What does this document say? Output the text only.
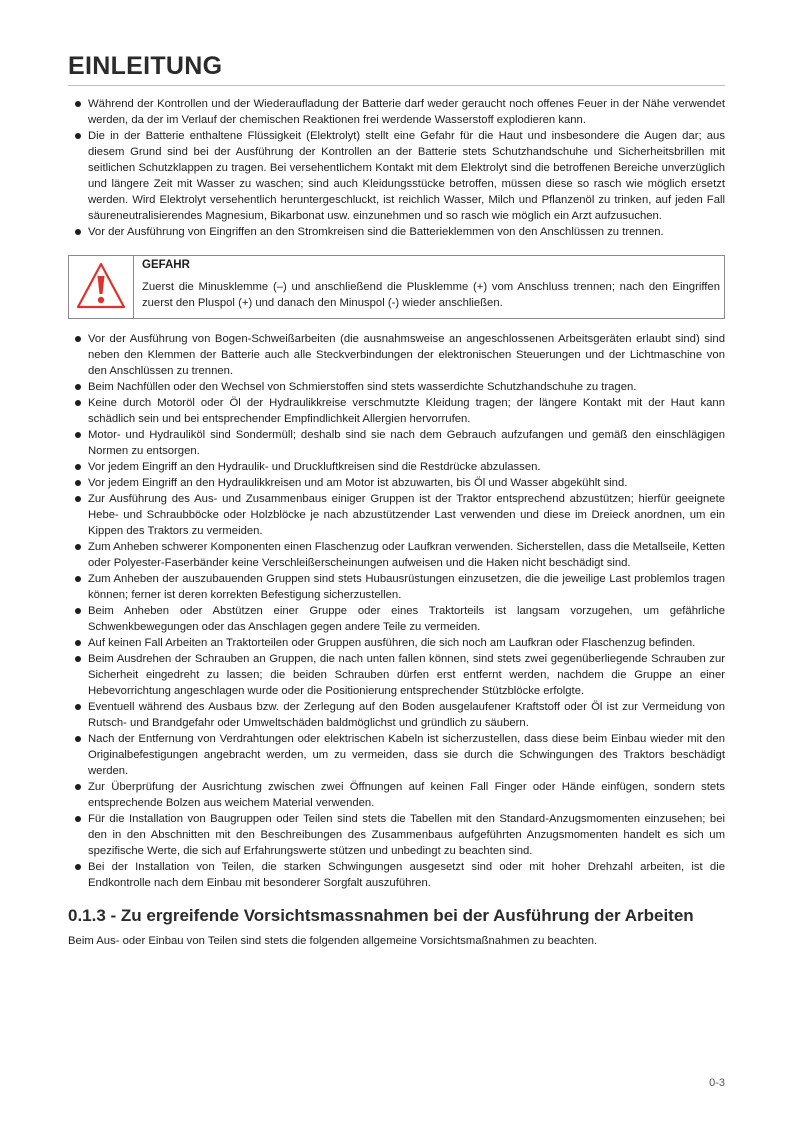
EINLEITUNG
Während der Kontrollen und der Wiederaufladung der Batterie darf weder geraucht noch offenes Feuer in der Nähe verwendet werden, da der im Verlauf der chemischen Reaktionen frei werdende Wasserstoff explodieren kann.
Die in der Batterie enthaltene Flüssigkeit (Elektrolyt) stellt eine Gefahr für die Haut und insbesondere die Augen dar; aus diesem Grund sind bei der Ausführung der Kontrollen an der Batterie stets Schutzhandschuhe und Sicherheitsbrillen mit seitlichen Schutzklappen zu tragen. Bei versehentlichem Kontakt mit dem Elektrolyt sind die betroffenen Bereiche unverzüglich und längere Zeit mit Wasser zu waschen; sind auch Kleidungsstücke betroffen, müssen diese so rasch wie möglich ersetzt werden. Wird Elektrolyt versehentlich heruntergeschluckt, ist reichlich Wasser, Milch und Pflanzenöl zu trinken, auf jeden Fall säureneutralisierendes Magnesium, Bikarbonat usw. einzunehmen und so rasch wie möglich ein Arzt aufzusuchen.
Vor der Ausführung von Eingriffen an den Stromkreisen sind die Batterieklemmen von den Anschlüssen zu trennen.
GEFAHR
Zuerst die Minusklemme (–) und anschließend die Plusklemme (+) vom Anschluss trennen; nach den Eingriffen zuerst den Pluspol (+) und danach den Minuspol (-) wieder anschließen.
Vor der Ausführung von Bogen-Schweißarbeiten (die ausnahmsweise an angeschlossenen Arbeitsgeräten erlaubt sind) sind neben den Klemmen der Batterie auch alle Steckverbindungen der elektronischen Steuerungen und der Lichtmaschine von den Anschlüssen zu trennen.
Beim Nachfüllen oder den Wechsel von Schmierstoffen sind stets wasserdichte Schutzhandschuhe zu tragen.
Keine durch Motoröl oder Öl der Hydraulikkreise verschmutzte Kleidung tragen; der längere Kontakt mit der Haut kann schädlich sein und bei entsprechender Empfindlichkeit Allergien hervorrufen.
Motor- und Hydrauliköl sind Sondermüll; deshalb sind sie nach dem Gebrauch aufzufangen und gemäß den einschlägigen Normen zu entsorgen.
Vor jedem Eingriff an den Hydraulik- und Druckluftkreisen sind die Restdrücke abzulassen.
Vor jedem Eingriff an den Hydraulikkreisen und am Motor ist abzuwarten, bis Öl und Wasser abgekühlt sind.
Zur Ausführung des Aus- und Zusammenbaus einiger Gruppen ist der Traktor entsprechend abzustützen; hierfür geeignete Hebe- und Schraubböcke oder Holzblöcke je nach abzustützender Last verwenden und diese im Dreieck anordnen, um ein Kippen des Traktors zu vermeiden.
Zum Anheben schwerer Komponenten einen Flaschenzug oder Laufkran verwenden. Sicherstellen, dass die Metallseile, Ketten oder Polyester-Faserbänder keine Verschleißerscheinungen aufweisen und die Haken nicht beschädigt sind.
Zum Anheben der auszubauenden Gruppen sind stets Hubausrüstungen einzusetzen, die die jeweilige Last problemlos tragen können; ferner ist deren korrekten Befestigung sicherzustellen.
Beim Anheben oder Abstützen einer Gruppe oder eines Traktorteils ist langsam vorzugehen, um gefährliche Schwenkbewegungen oder das Anschlagen gegen andere Teile zu vermeiden.
Auf keinen Fall Arbeiten an Traktorteilen oder Gruppen ausführen, die sich noch am Laufkran oder Flaschenzug befinden.
Beim Ausdrehen der Schrauben an Gruppen, die nach unten fallen können, sind stets zwei gegenüberliegende Schrauben zur Sicherheit eingedreht zu lassen; die beiden Schrauben dürfen erst entfernt werden, nachdem die Gruppe an einer Hebevorrichtung angeschlagen wurde oder die Positionierung entsprechender Stützblöcke erfolgte.
Eventuell während des Ausbaus bzw. der Zerlegung auf den Boden ausgelaufener Kraftstoff oder Öl ist zur Vermeidung von Rutsch- und Brandgefahr oder Umweltschäden baldmöglichst und gründlich zu säubern.
Nach der Entfernung von Verdrahtungen oder elektrischen Kabeln ist sicherzustellen, dass diese beim Einbau wieder mit den Originalbefestigungen angebracht werden, um zu vermeiden, dass sie durch die Schwingungen des Traktors beschädigt werden.
Zur Überprüfung der Ausrichtung zwischen zwei Öffnungen auf keinen Fall Finger oder Hände einfügen, sondern stets entsprechende Bolzen aus weichem Material verwenden.
Für die Installation von Baugruppen oder Teilen sind stets die Tabellen mit den Standard-Anzugsmomenten einzusehen; bei den in den Abschnitten mit den Beschreibungen des Zusammenbaus aufgeführten Anzugsmomenten handelt es sich um spezifische Werte, die sich auf Erfahrungswerte stützen und unbedingt zu beachten sind.
Bei der Installation von Teilen, die starken Schwingungen ausgesetzt sind oder mit hoher Drehzahl arbeiten, ist die Endkontrolle nach dem Einbau mit besonderer Sorgfalt auszuführen.
0.1.3 - Zu ergreifende Vorsichtsmassnahmen bei der Ausführung der Arbeiten
Beim Aus- oder Einbau von Teilen sind stets die folgenden allgemeine Vorsichtsmaßnahmen zu beachten.
0-3
